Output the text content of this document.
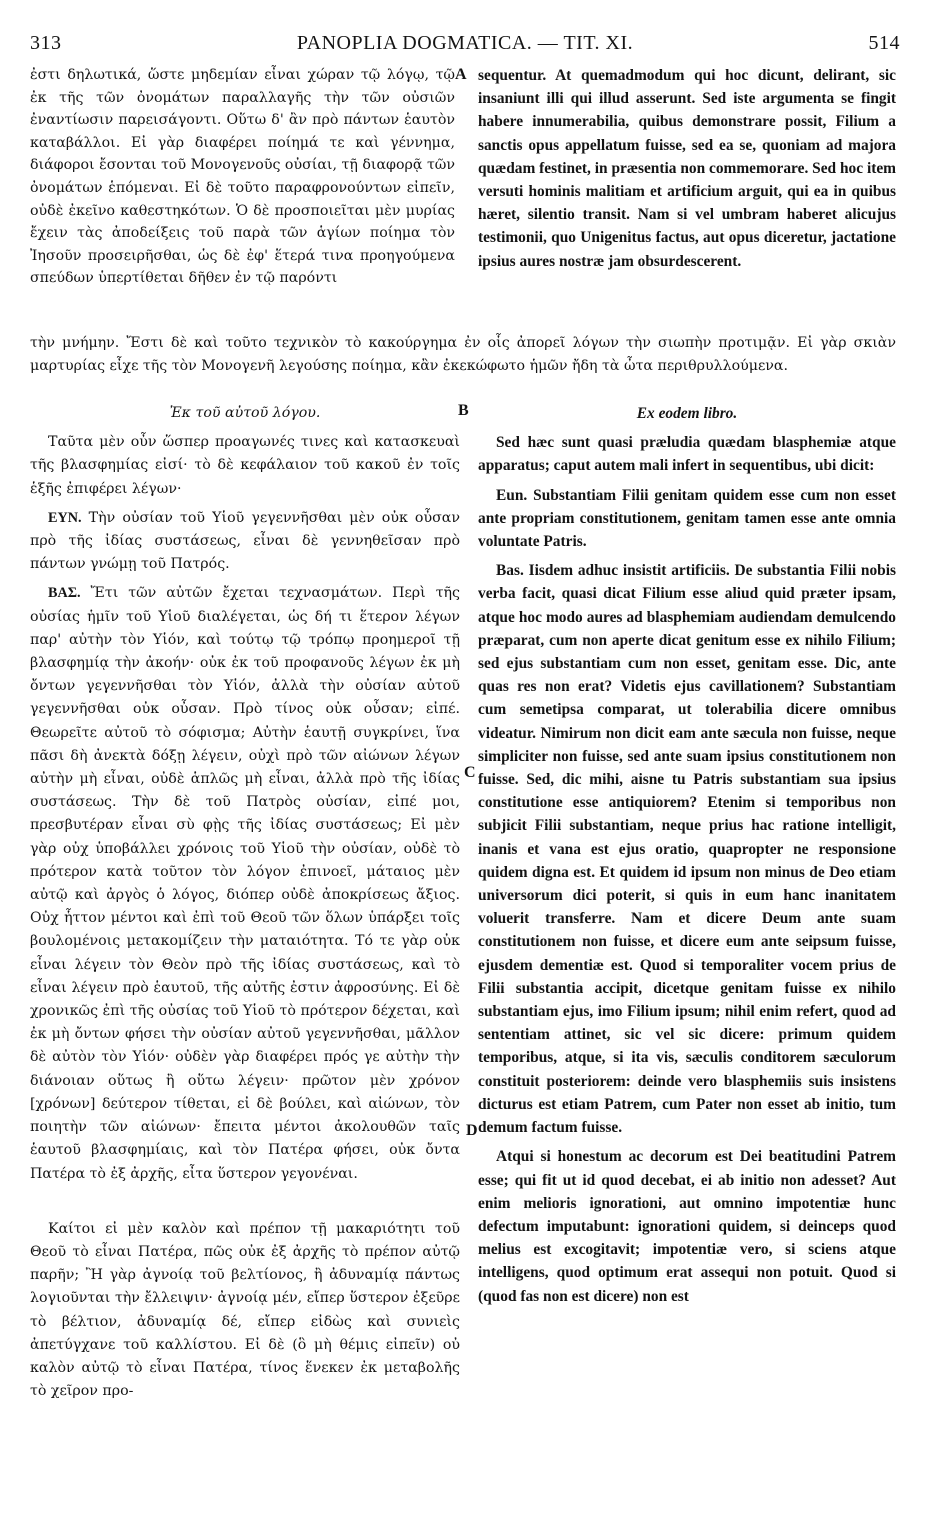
313	PANOPLIA DOGMATICA. — TIT. XI.	514
A
B
C
D

ἐστι δηλωτικά, ὥστε μηδεμίαν εἶναι χώραν τῷ λόγῳ, τῷ ἐκ τῆς τῶν ὀνομάτων παραλλαγῆς τὴν τῶν οὐσιῶν ἐναντίωσιν παρεισάγοντι. Οὕτω δ' ἂν πρὸ πάντων ἑαυτὸν καταβάλλοι. Εἰ γὰρ διαφέρει ποίημά τε καὶ γέννημα, διάφοροι ἔσονται τοῦ Μονογενοῦς οὐσίαι, τῇ διαφορᾷ τῶν ὀνομάτων ἑπόμεναι. Εἰ δὲ τοῦτο παραφρονούντων εἰπεῖν, οὐδὲ ἐκεῖνο καθεστηκότων. Ὁ δὲ προσποιεῖται μὲν μυρίας ἔχειν τὰς ἀποδείξεις τοῦ παρὰ τῶν ἁγίων ποίημα τὸν Ἰησοῦν προσειρῆσθαι, ὡς δὲ ἐφ' ἕτερά τινα προηγούμενα σπεύδων ὑπερτίθεται δῆθεν ἐν τῷ παρόντι

sequentur. At quemadmodum qui hoc dicunt, delirant, sic insaniunt illi qui illud asserunt. Sed iste argumenta se fingit habere innumerabilia, quibus demonstrare possit, Filium a sanctis opus appellatum fuisse, sed ea se, quoniam ad majora quædam festinet, in præsentia non commemorare. Sed hoc item versuti hominis malitiam et artificium arguit, qui ea in quibus hæret, silentio transit. Nam si vel umbram haberet alicujus testimonii, quo Unigenitus factus, aut opus diceretur, jactatione ipsius aures nostræ jam obsurdescerent.

τὴν μνήμην. Ἔστι δὲ καὶ τοῦτο τεχνικὸν τὸ κακούργημα ἐν οἷς ἀπορεῖ λόγων τὴν σιωπὴν προτιμᾷν. Εἰ γὰρ σκιὰν μαρτυρίας εἶχε τῆς τὸν Μονογενῆ λεγούσης ποίημα, κἂν ἐκεκώφωτο ἡμῶν ἤδη τὰ ὦτα περιθρυλλούμενα.

Ἐκ τοῦ αὐτοῦ λόγου.

Ταῦτα μὲν οὖν ὥσπερ προαγωνές τινες καὶ κατασκευαὶ τῆς βλασφημίας εἰσί· τὸ δὲ κεφάλαιον τοῦ κακοῦ ἐν τοῖς ἑξῆς ἐπιφέρει λέγων·

ΕΥΝ. Τὴν οὐσίαν τοῦ Υἱοῦ γεγεννῆσθαι μὲν οὐκ οὖσαν πρὸ τῆς ἰδίας συστάσεως, εἶναι δὲ γεννηθεῖσαν πρὸ πάντων γνώμῃ τοῦ Πατρός.

ΒΑΣ. Ἔτι τῶν αὐτῶν ἔχεται τεχνασμάτων. Περὶ τῆς οὐσίας ἡμῖν τοῦ Υἱοῦ διαλέγεται, ὡς δή τι ἕτερον λέγων παρ' αὐτὴν τὸν Υἱόν, καὶ τούτῳ τῷ τρόπῳ προημεροῖ τῇ βλασφημίᾳ τὴν ἀκοήν· οὐκ ἐκ τοῦ προφανοῦς λέγων ἐκ μὴ ὄντων γεγεννῆσθαι τὸν Υἱόν, ἀλλὰ τὴν οὐσίαν αὐτοῦ γεγεννῆσθαι οὐκ οὖσαν. Πρὸ τίνος οὐκ οὖσαν; εἰπέ. Θεωρεῖτε αὐτοῦ τὸ σόφισμα; Αὐτὴν ἑαυτῇ συγκρίνει, ἵνα πᾶσι δὴ ἀνεκτὰ δόξῃ λέγειν, οὐχὶ πρὸ τῶν αἰώνων λέγων αὐτὴν μὴ εἶναι, οὐδὲ ἁπλῶς μὴ εἶναι, ἀλλὰ πρὸ τῆς ἰδίας συστάσεως. Τὴν δὲ τοῦ Πατρὸς οὐσίαν, εἰπέ μοι, πρεσβυτέραν εἶναι σὺ φῂς τῆς ἰδίας συστάσεως; Εἰ μὲν γὰρ οὐχ ὑποβάλλει χρόνοις τοῦ Υἱοῦ τὴν οὐσίαν, οὐδὲ τὸ πρότερον κατὰ τοῦτον τὸν λόγον ἐπινοεῖ, μάταιος μὲν αὐτῷ καὶ ἀργὸς ὁ λόγος, διόπερ οὐδὲ ἀποκρίσεως ἄξιος. Οὐχ ἧττον μέντοι καὶ ἐπὶ τοῦ Θεοῦ τῶν ὅλων ὑπάρξει τοῖς βουλομένοις μετακομίζειν τὴν ματαιότητα. Τό τε γὰρ οὐκ εἶναι λέγειν τὸν Θεὸν πρὸ τῆς ἰδίας συστάσεως, καὶ τὸ εἶναι λέγειν πρὸ ἑαυτοῦ, τῆς αὐτῆς ἐστιν ἀφροσύνης. Εἰ δὲ χρονικῶς ἐπὶ τῆς οὐσίας τοῦ Υἱοῦ τὸ πρότερον δέχεται, καὶ ἐκ μὴ ὄντων φήσει τὴν οὐσίαν αὐτοῦ γεγεννῆσθαι, μᾶλλον δὲ αὐτὸν τὸν Υἱόν· οὐδὲν γὰρ διαφέρει πρός γε αὐτὴν τὴν διάνοιαν οὕτως ἢ οὕτω λέγειν· πρῶτον μὲν χρόνον [χρόνων] δεύτερον τίθεται, εἰ δὲ βούλει, καὶ αἰώνων, τὸν ποιητὴν τῶν αἰώνων· ἔπειτα μέντοι ἀκολουθῶν ταῖς ἑαυτοῦ βλασφημίαις, καὶ τὸν Πατέρα φήσει, οὐκ ὄντα Πατέρα τὸ ἐξ ἀρχῆς, εἶτα ὕστερον γεγονέναι.

Καίτοι εἰ μὲν καλὸν καὶ πρέπον τῇ μακαριότητι τοῦ Θεοῦ τὸ εἶναι Πατέρα, πῶς οὐκ ἐξ ἀρχῆς τὸ πρέπον αὐτῷ παρῆν; Ἢ γὰρ ἀγνοίᾳ τοῦ βελτίονος, ἢ ἀδυναμίᾳ πάντως λογιοῦνται τὴν ἔλλειψιν· ἀγνοίᾳ μέν, εἴπερ ὕστερον ἐξεῦρε τὸ βέλτιον, ἀδυναμίᾳ δέ, εἴπερ εἰδὼς καὶ συνιεὶς ἀπετύγχανε τοῦ καλλίστου. Εἰ δὲ (ὃ μὴ θέμις εἰπεῖν) οὐ καλὸν αὐτῷ τὸ εἶναι Πατέρα, τίνος ἕνεκεν ἐκ μεταβολῆς τὸ χεῖρον προ-

Ex eodem libro.

Sed hæc sunt quasi præludia quædam blasphemiæ atque apparatus; caput autem mali infert in sequentibus, ubi dicit:

Eun. Substantiam Filii genitam quidem esse cum non esset ante propriam constitutionem, genitam tamen esse ante omnia voluntate Patris.

Bas. Iisdem adhuc insistit artificiis. De substantia Filii nobis verba facit, quasi dicat Filium esse aliud quid præter ipsam, atque hoc modo aures ad blasphemiam audiendam demulcendo præparat, cum non aperte dicat genitum esse ex nihilo Filium; sed ejus substantiam cum non esset, genitam esse. Dic, ante quas res non erat? Videtis ejus cavillationem? Substantiam cum semetipsa comparat, ut tolerabilia dicere omnibus videatur. Nimirum non dicit eam ante sæcula non fuisse, neque simpliciter non fuisse, sed ante suam ipsius constitutionem non fuisse. Sed, dic mihi, aisne tu Patris substantiam sua ipsius constitutione esse antiquiorem? Etenim si temporibus non subjicit Filii substantiam, neque prius hac ratione intelligit, inanis et vana est ejus oratio, quapropter ne responsione quidem digna est. Et quidem id ipsum non minus de Deo etiam universorum dici poterit, si quis in eum hanc inanitatem voluerit transferre. Nam et dicere Deum ante suam constitutionem non fuisse, et dicere eum ante seipsum fuisse, ejusdem dementiæ est. Quod si temporaliter vocem prius de Filii substantia accipit, dicetque genitam fuisse ex nihilo substantiam ejus, imo Filium ipsum; nihil enim refert, quod ad sententiam attinet, sic vel sic dicere: primum quidem temporibus, atque, si ita vis, sæculis conditorem sæculorum constituit posteriorem: deinde vero blasphemiis suis insistens dicturus est etiam Patrem, cum Pater non esset ab initio, tum demum factum fuisse.

Atqui si honestum ac decorum est Dei beatitudini Patrem esse; qui fit ut id quod decebat, ei ab initio non adesset? Aut enim melioris ignorationi, aut omnino impotentiæ hunc defectum imputabunt: ignorationi quidem, si deinceps quod melius est excogitavit; impotentiæ vero, si sciens atque intelligens, quod optimum erat assequi non potuit. Quod si (quod fas non est dicere) non est
